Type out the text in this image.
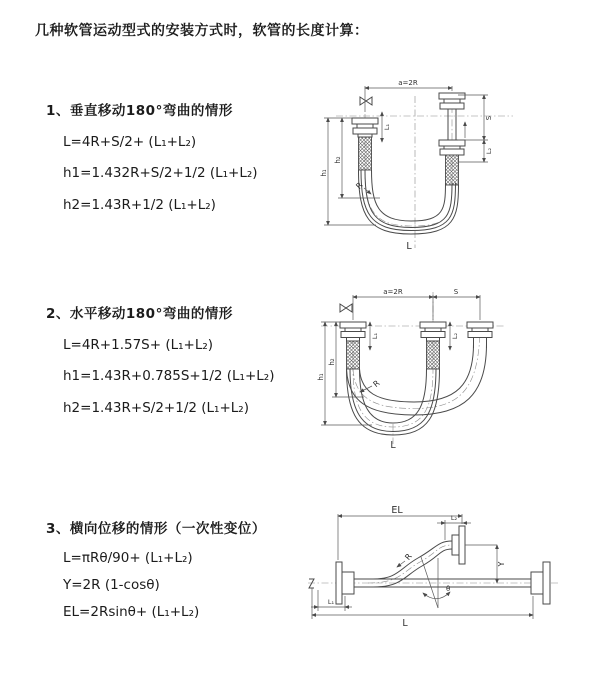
几种软管运动型式的安装方式时，软管的长度计算：
1、垂直移动180°弯曲的情形
L=4R+S/2+ (L₁+L₂)
h1=1.432R+S/2+1/2 (L₁+L₂)
h2=1.43R+1/2 (L₁+L₂)
2、水平移动180°弯曲的情形
L=4R+1.57S+ (L₁+L₂)
h1=1.43R+0.785S+1/2 (L₁+L₂)
h2=1.43R+S/2+1/2 (L₁+L₂)
3、横向位移的情形（一次性变位）
L=πRθ/90+ (L₁+L₂)
Y=2R (1-cosθ)
EL=2Rsinθ+ (L₁+L₂)
a=2R
S
L₂
h₂
h₁
L₁
R
L
a=2R	S
h₂
h₁
L₁	L₂
R
L
EL
L₂
Y
L
L₁
R
θ
